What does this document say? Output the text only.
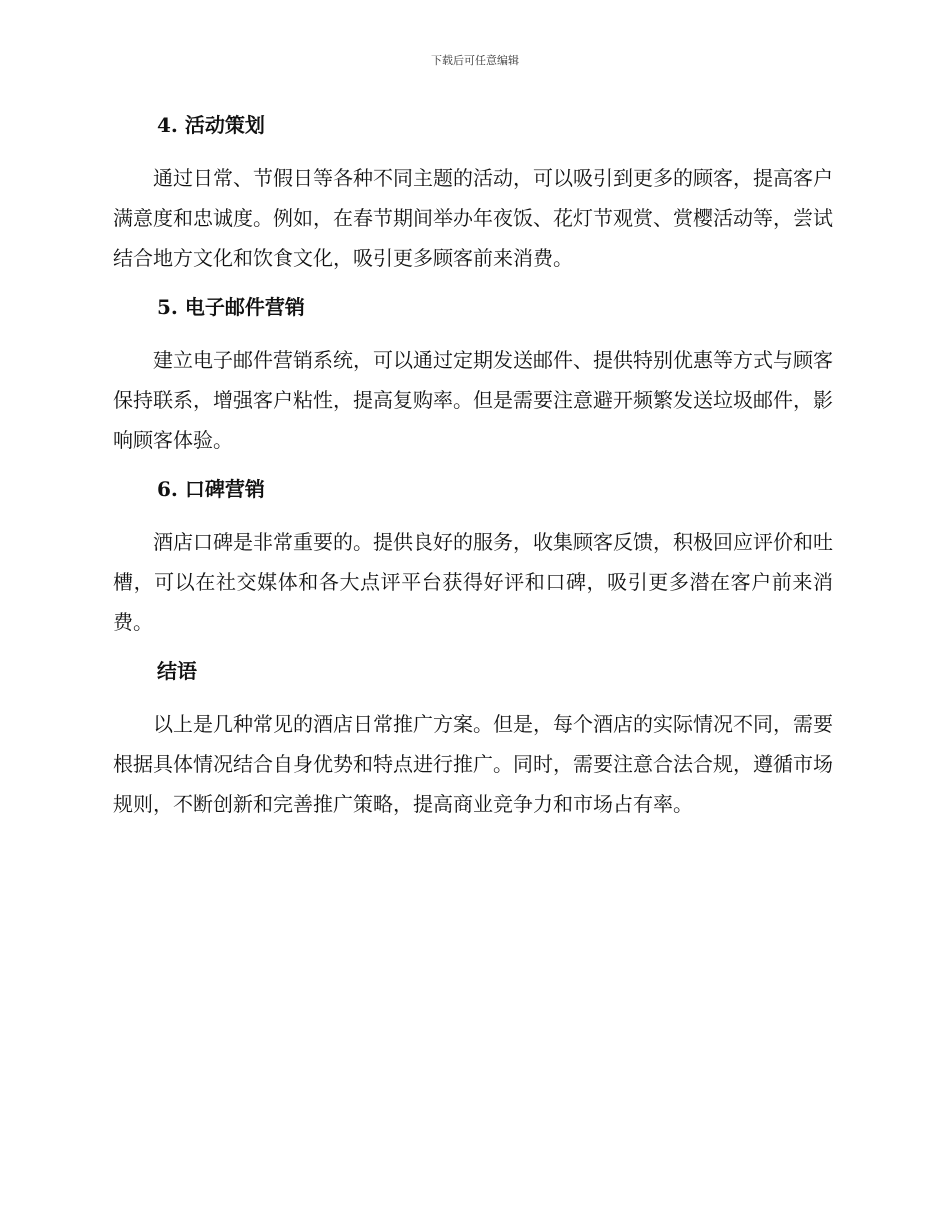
下载后可任意编辑
4. 活动策划
通过日常、节假日等各种不同主题的活动，可以吸引到更多的顾客，提高客户满意度和忠诚度。例如，在春节期间举办年夜饭、花灯节观赏、赏樱活动等，尝试结合地方文化和饮食文化，吸引更多顾客前来消费。
5. 电子邮件营销
建立电子邮件营销系统，可以通过定期发送邮件、提供特别优惠等方式与顾客保持联系，增强客户粘性，提高复购率。但是需要注意避开频繁发送垃圾邮件，影响顾客体验。
6. 口碑营销
酒店口碑是非常重要的。提供良好的服务，收集顾客反馈，积极回应评价和吐槽，可以在社交媒体和各大点评平台获得好评和口碑，吸引更多潜在客户前来消费。
结语
以上是几种常见的酒店日常推广方案。但是，每个酒店的实际情况不同，需要根据具体情况结合自身优势和特点进行推广。同时，需要注意合法合规，遵循市场规则，不断创新和完善推广策略，提高商业竞争力和市场占有率。
